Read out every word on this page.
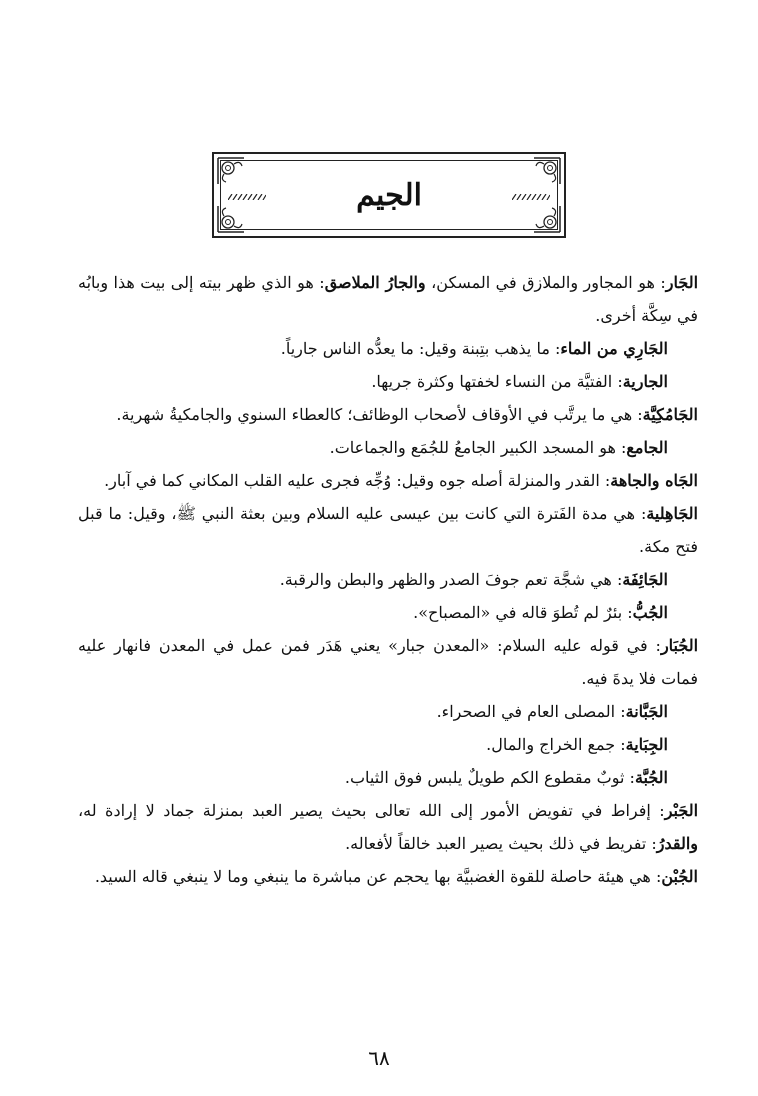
الجيم

الجَار: هو المجاور والملازق في المسكن، والجارُ الملاصق: هو الذي ظهر بيته إلى بيت هذا وبابُه في سِكَّة أخرى.

الجَارِي من الماء: ما يذهب بتِبنة وقيل: ما يعدُّه الناس جارياً.

الجارية: الفتيَّة من النساء لخفتها وكثرة جريها.

الجَامُكِيَّة: هي ما يرتَّب في الأوقاف لأصحاب الوظائف؛ كالعطاء السنوي والجامكيةُ شهرية.

الجامع: هو المسجد الكبير الجامعُ للجُمَع والجماعات.

الجَاه والجاهة: القدر والمنزلة أصله جوه وقيل: وُجِّه فجرى عليه القلب المكاني كما في آبار.

الجَاهِلية: هي مدة الفَترة التي كانت بين عيسى عليه السلام وبين بعثة النبي ﷺ، وقيل: ما قبل فتح مكة.

الجَائِفَة: هي شجَّة تعم جوفَ الصدر والظهر والبطن والرقبة.

الجُبُّ: بئرٌ لم تُطوَ قاله في «المصباح».

الجُبَار: في قوله عليه السلام: «المعدن جبار» يعني هَدَر فمن عمل في المعدن فانهار عليه فمات فلا يدةَ فيه.

الجَبَّانة: المصلى العام في الصحراء.

الجِبَاية: جمع الخراج والمال.

الجُبَّة: ثوبٌ مقطوع الكم طويلٌ يلبس فوق الثياب.

الجَبْر: إفراط في تفويض الأمور إلى الله تعالى بحيث يصير العبد بمنزلة جماد لا إرادة له، والقدرُ: تفريط في ذلك بحيث يصير العبد خالقاً لأفعاله.

الجُبْن: هي هيئة حاصلة للقوة الغضبيَّة بها يحجم عن مباشرة ما ينبغي وما لا ينبغي قاله السيد.

٦٨
